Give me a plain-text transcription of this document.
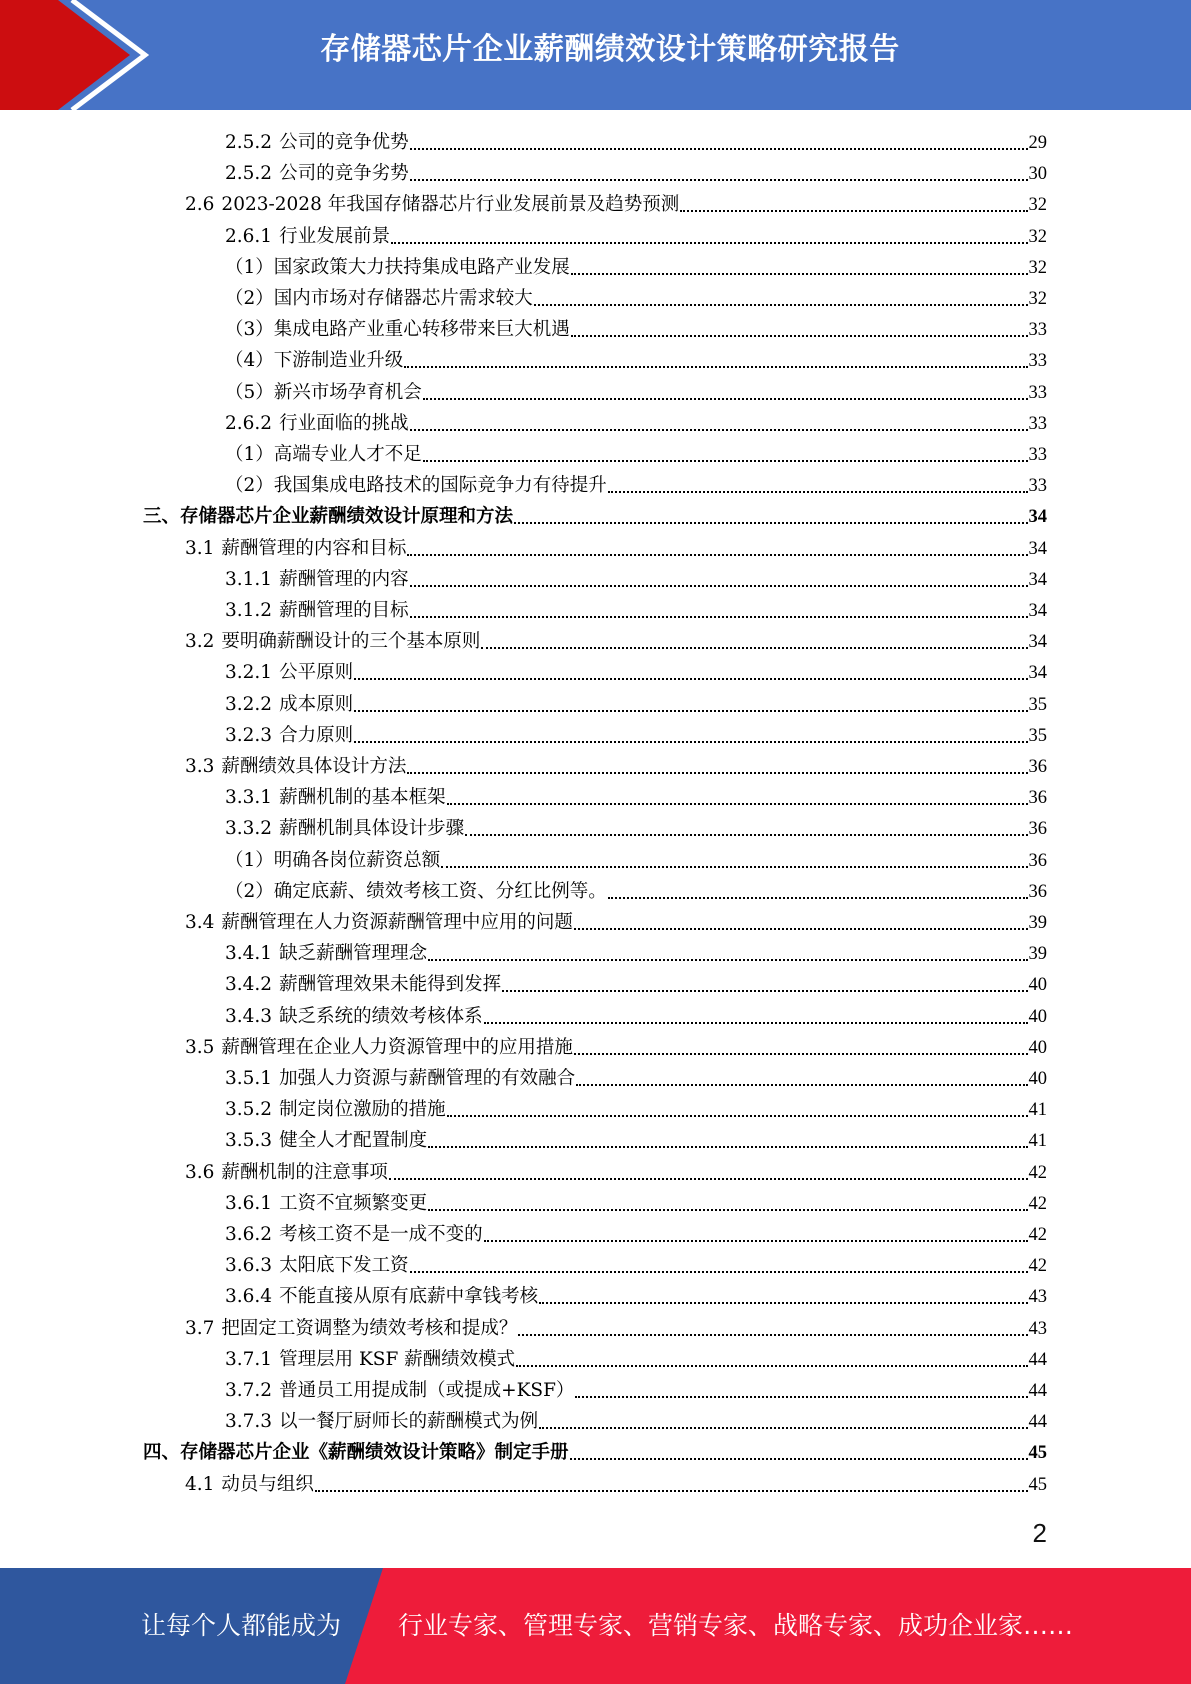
存储器芯片企业薪酬绩效设计策略研究报告
2.5.2 公司的竞争优势	29
2.5.2 公司的竞争劣势	30
2.6 2023-2028 年我国存储器芯片行业发展前景及趋势预测	32
2.6.1 行业发展前景	32
（1）国家政策大力扶持集成电路产业发展	32
（2）国内市场对存储器芯片需求较大	32
（3）集成电路产业重心转移带来巨大机遇	33
（4）下游制造业升级	33
（5）新兴市场孕育机会	33
2.6.2 行业面临的挑战	33
（1）高端专业人才不足	33
（2）我国集成电路技术的国际竞争力有待提升	33
三、存储器芯片企业薪酬绩效设计原理和方法	34
3.1 薪酬管理的内容和目标	34
3.1.1 薪酬管理的内容	34
3.1.2 薪酬管理的目标	34
3.2 要明确薪酬设计的三个基本原则	34
3.2.1 公平原则	34
3.2.2 成本原则	35
3.2.3 合力原则	35
3.3 薪酬绩效具体设计方法	36
3.3.1 薪酬机制的基本框架	36
3.3.2 薪酬机制具体设计步骤	36
（1）明确各岗位薪资总额	36
（2）确定底薪、绩效考核工资、分红比例等。	36
3.4 薪酬管理在人力资源薪酬管理中应用的问题	39
3.4.1 缺乏薪酬管理理念	39
3.4.2 薪酬管理效果未能得到发挥	40
3.4.3 缺乏系统的绩效考核体系	40
3.5 薪酬管理在企业人力资源管理中的应用措施	40
3.5.1 加强人力资源与薪酬管理的有效融合	40
3.5.2 制定岗位激励的措施	41
3.5.3 健全人才配置制度	41
3.6 薪酬机制的注意事项	42
3.6.1 工资不宜频繁变更	42
3.6.2 考核工资不是一成不变的	42
3.6.3 太阳底下发工资	42
3.6.4 不能直接从原有底薪中拿钱考核	43
3.7 把固定工资调整为绩效考核和提成？	43
3.7.1 管理层用 KSF 薪酬绩效模式	44
3.7.2 普通员工用提成制（或提成+KSF）	44
3.7.3 以一餐厅厨师长的薪酬模式为例	44
四、存储器芯片企业《薪酬绩效设计策略》制定手册	45
4.1 动员与组织	45
2
让每个人都能成为 行业专家、管理专家、营销专家、战略专家、成功企业家……
